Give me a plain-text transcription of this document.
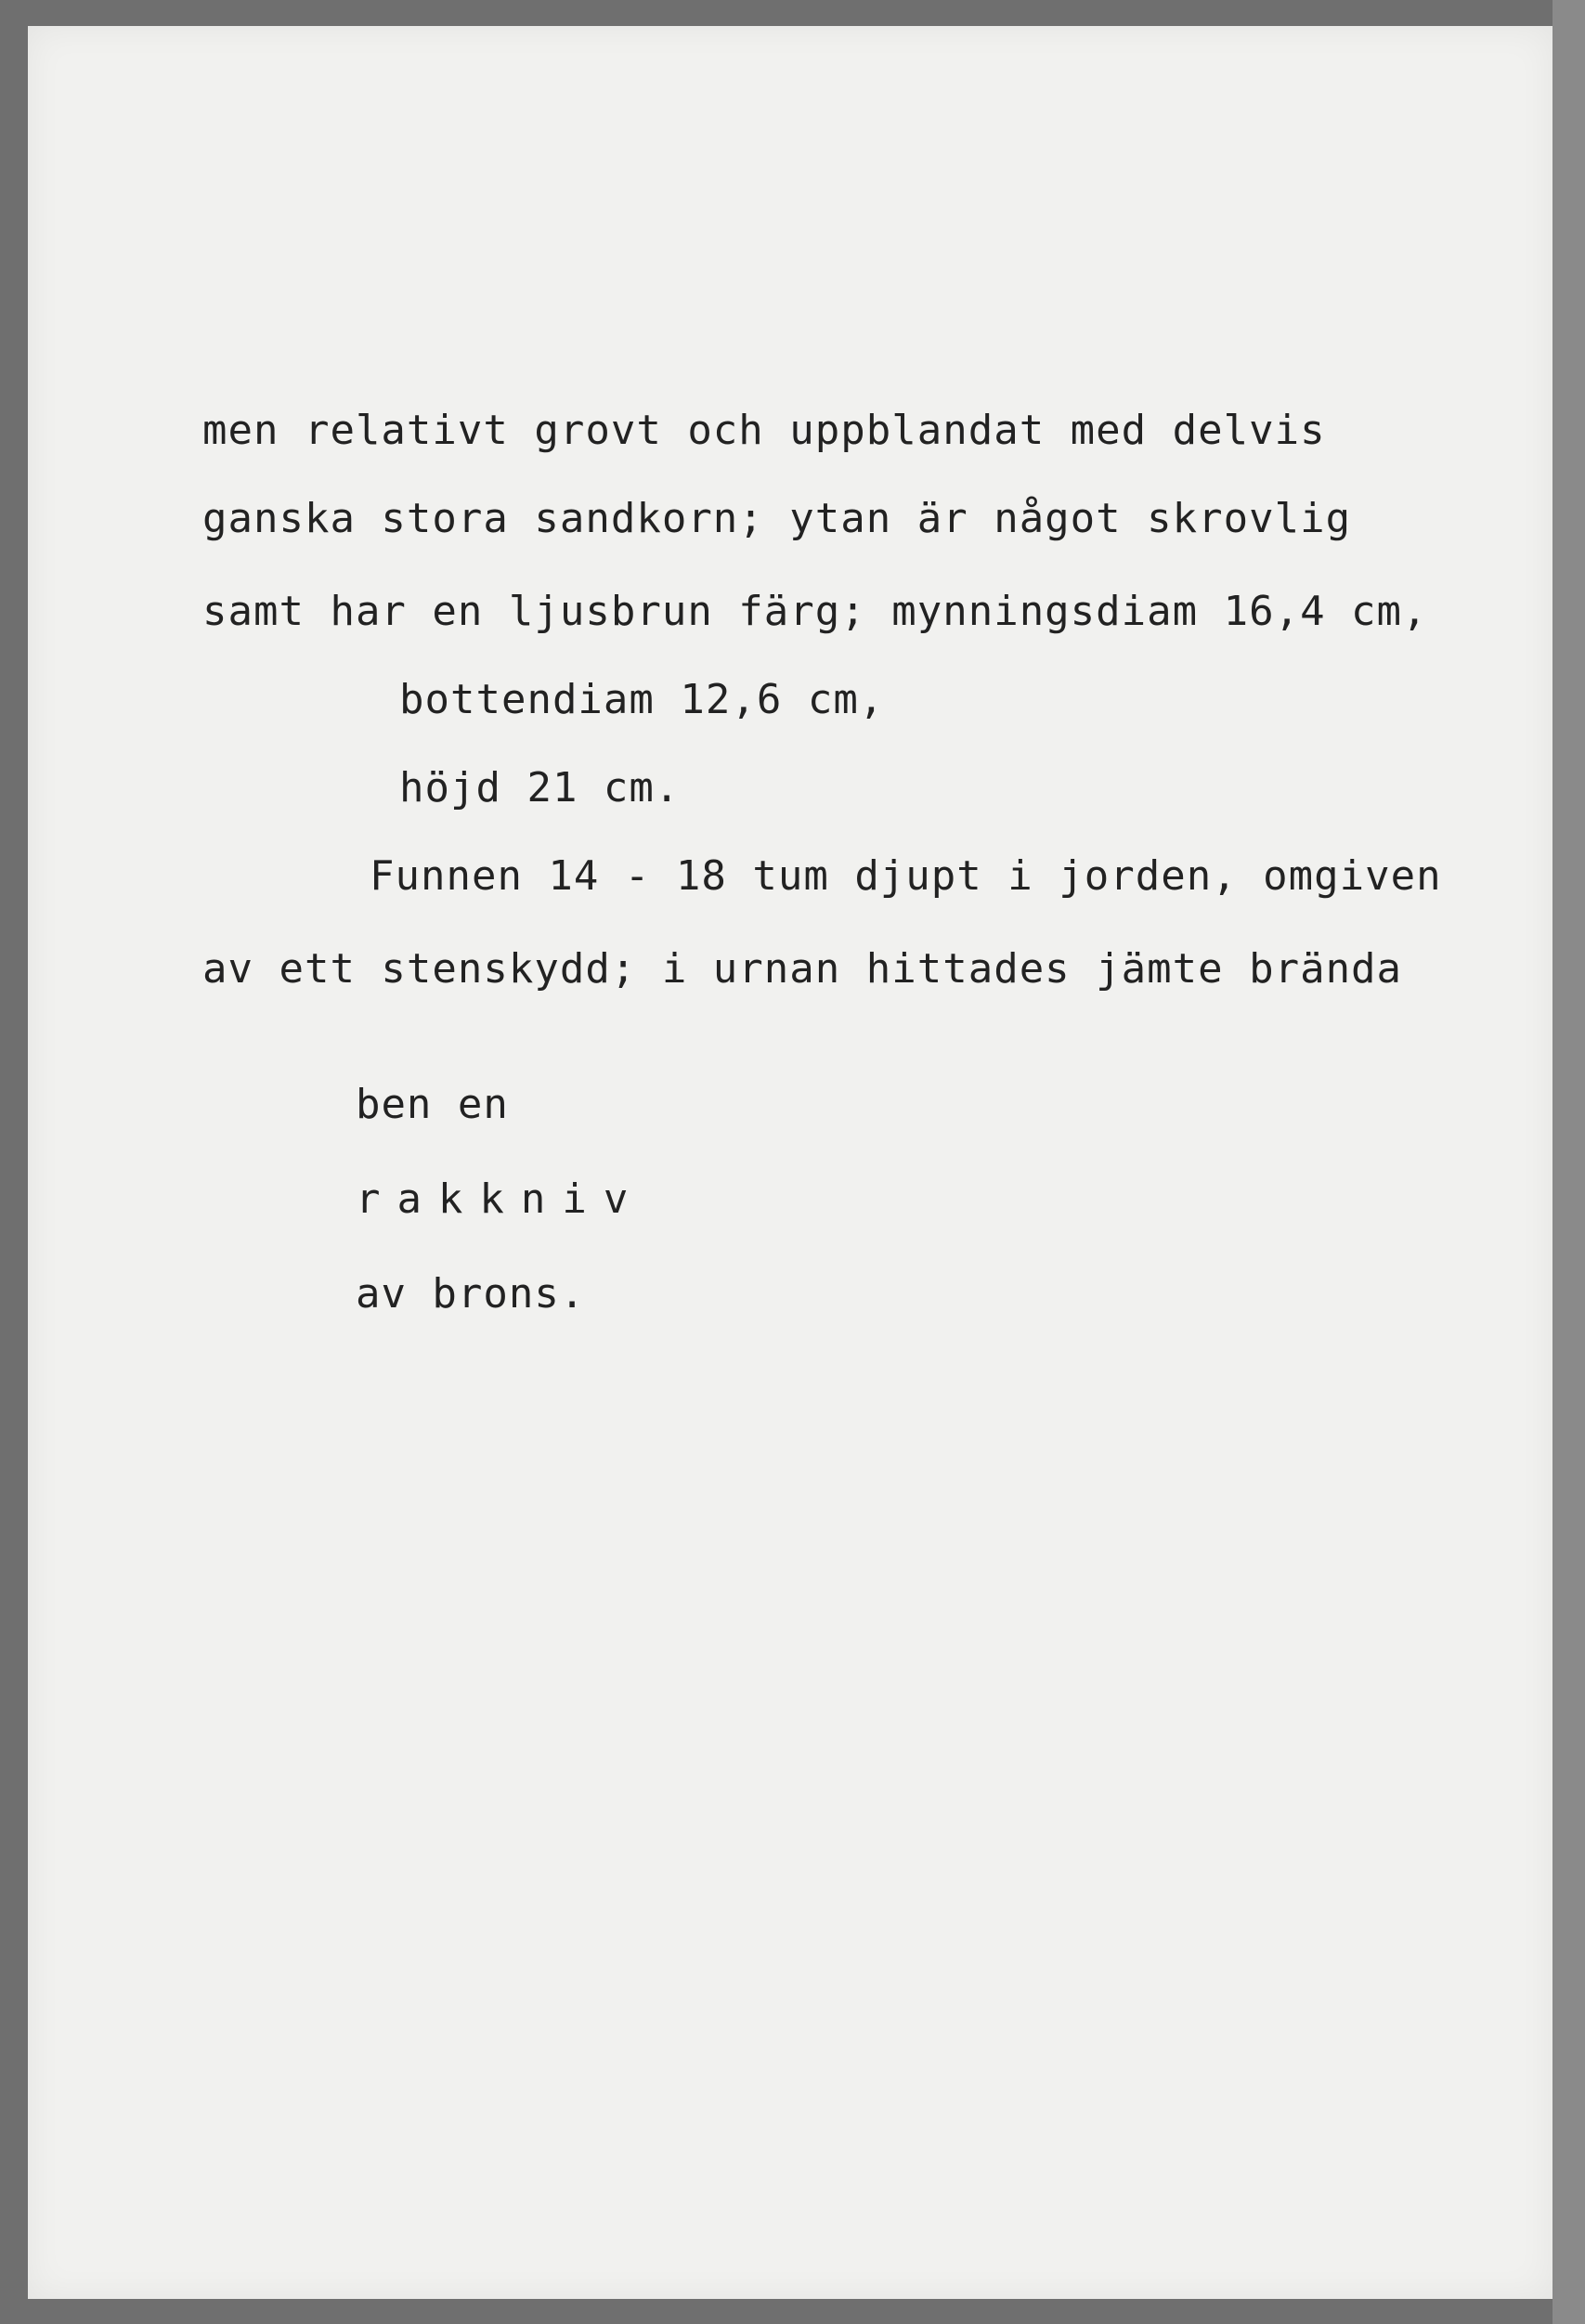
men relativt grovt och uppblandat med delvis
ganska stora sandkorn; ytan är något skrovlig
samt har en ljusbrun färg; mynningsdiam 16,4 cm,
bottendiam 12,6 cm,
höjd 21 cm.
Funnen 14 - 18 tum djupt i jorden, omgiven
av ett stenskydd; i urnan hittades jämte brända

ben en

rakkniv

av brons.
